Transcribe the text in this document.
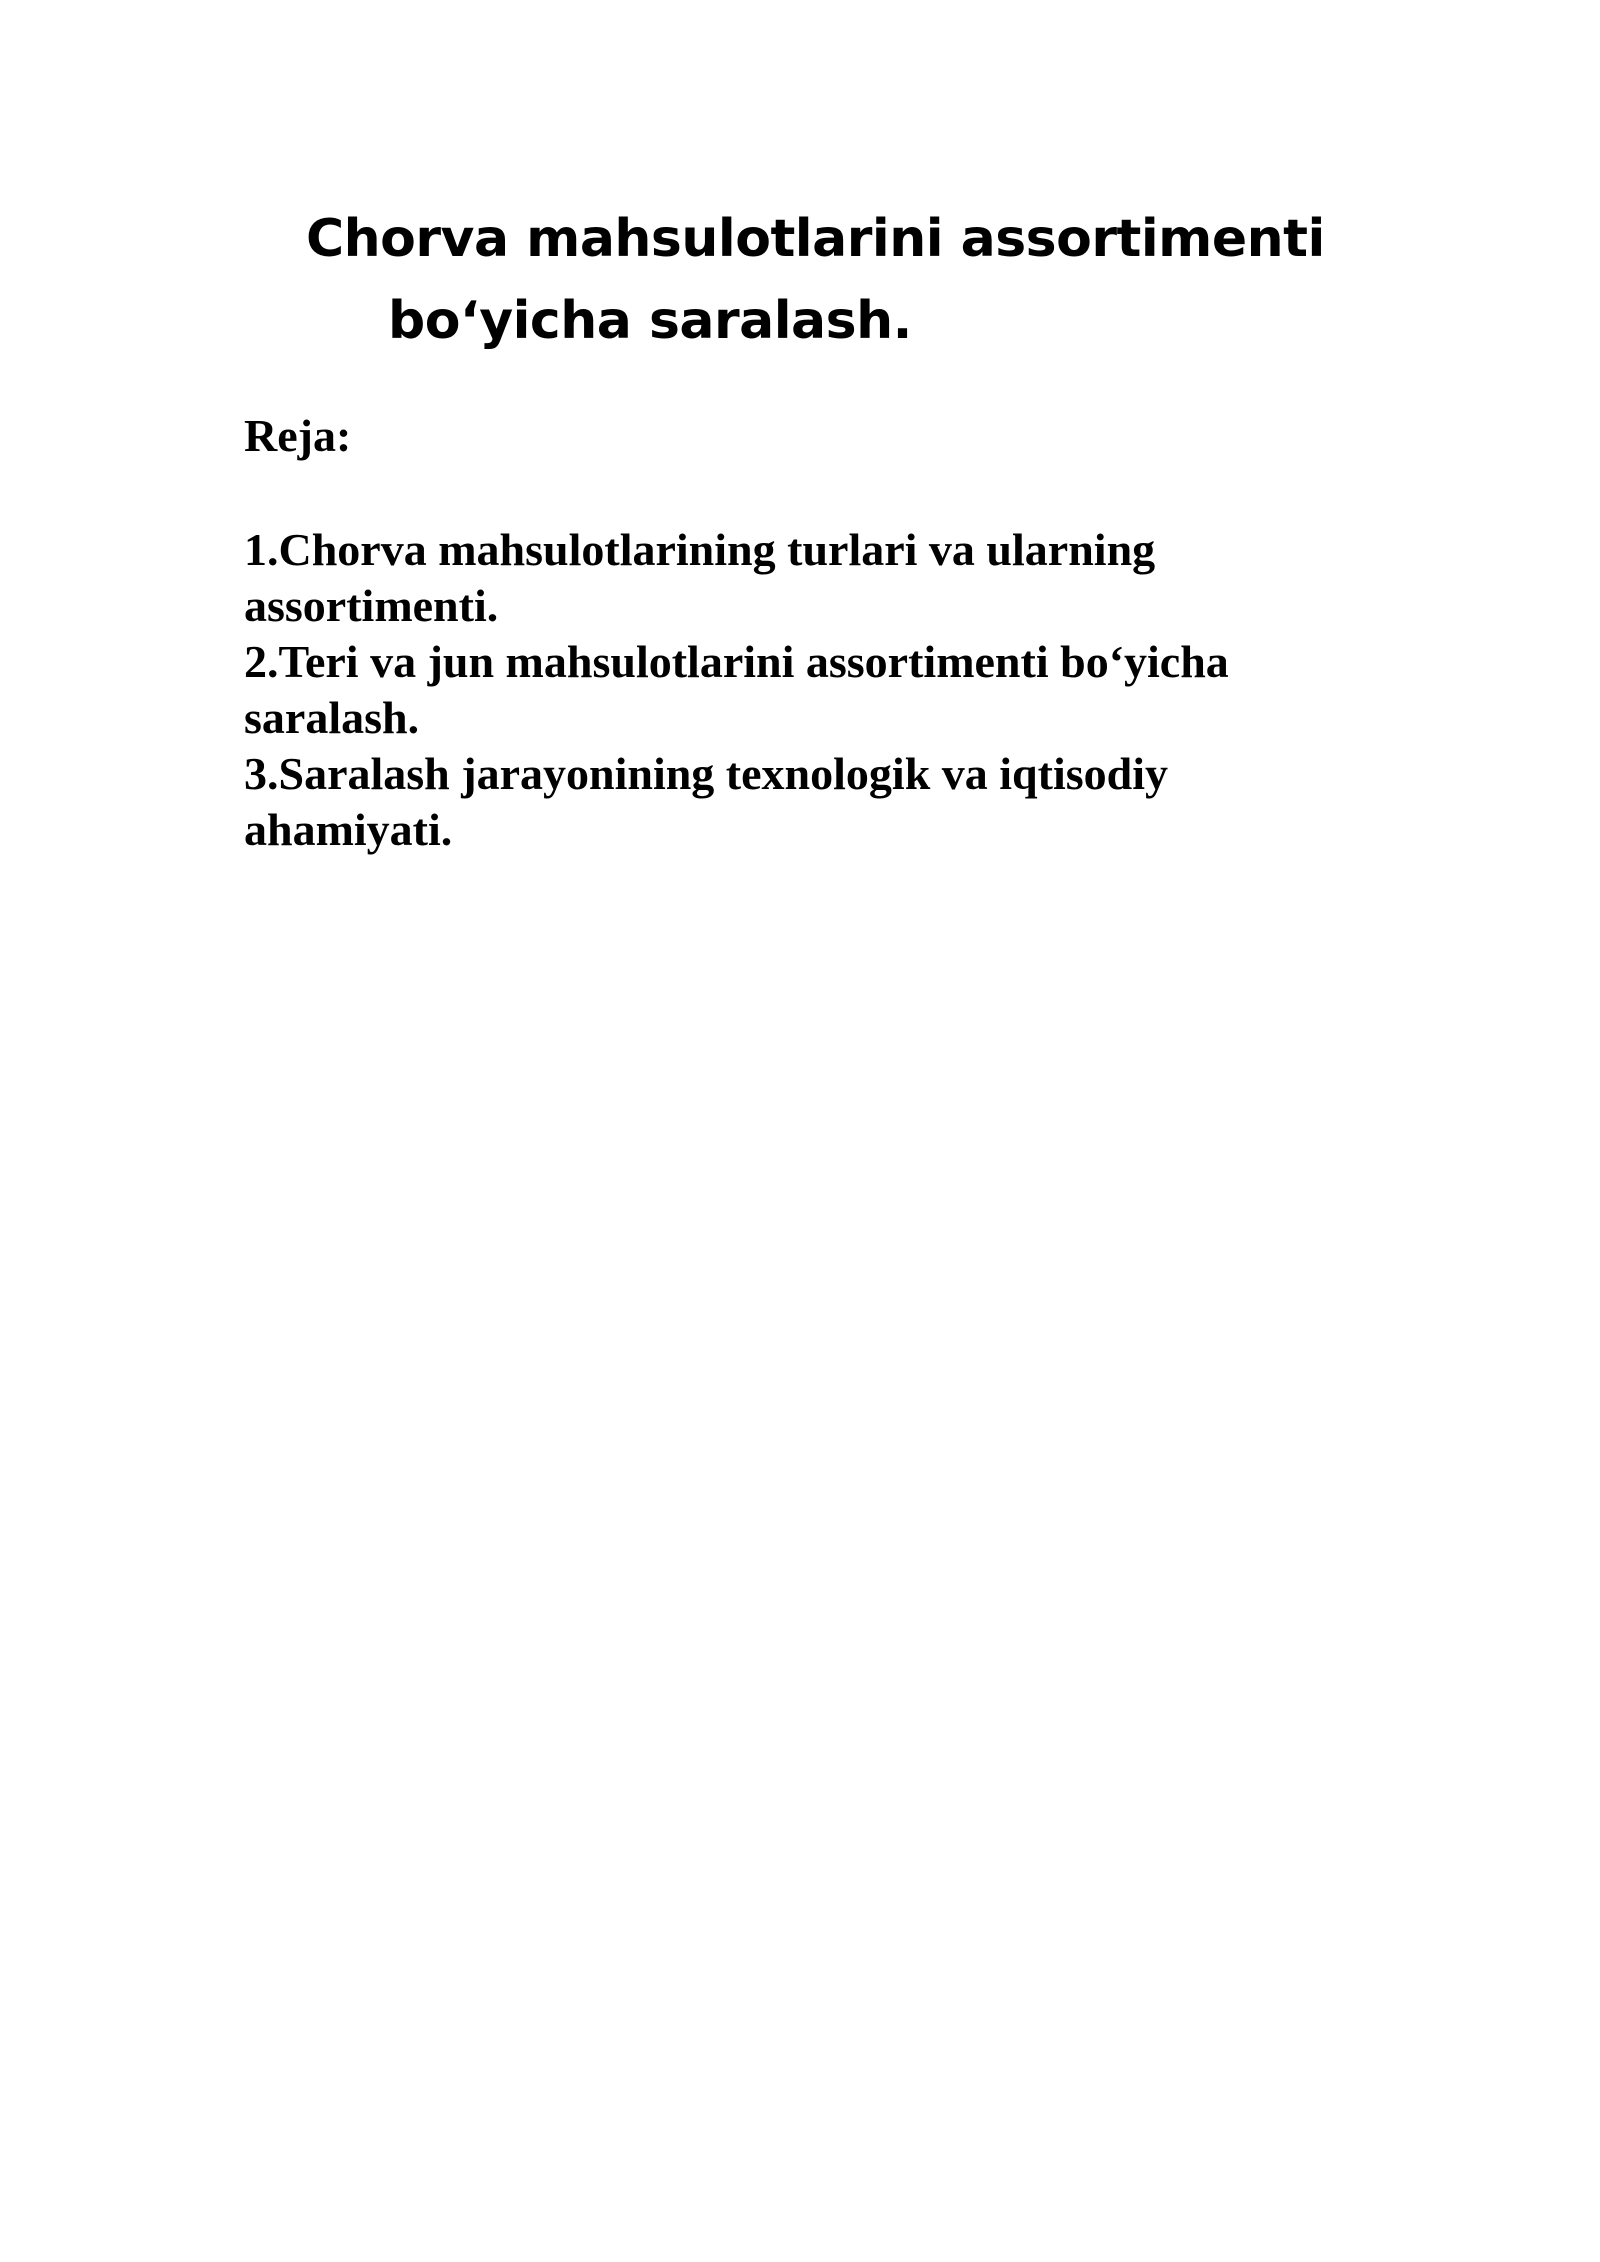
Chorva mahsulotlarini assortimenti
bo‘yicha saralash.
Reja:
1.Chorva mahsulotlarining turlari va ularning assortimenti.
2.Teri va jun mahsulotlarini assortimenti bo‘yicha saralash.
3.Saralash jarayonining texnologik va iqtisodiy ahamiyati.
